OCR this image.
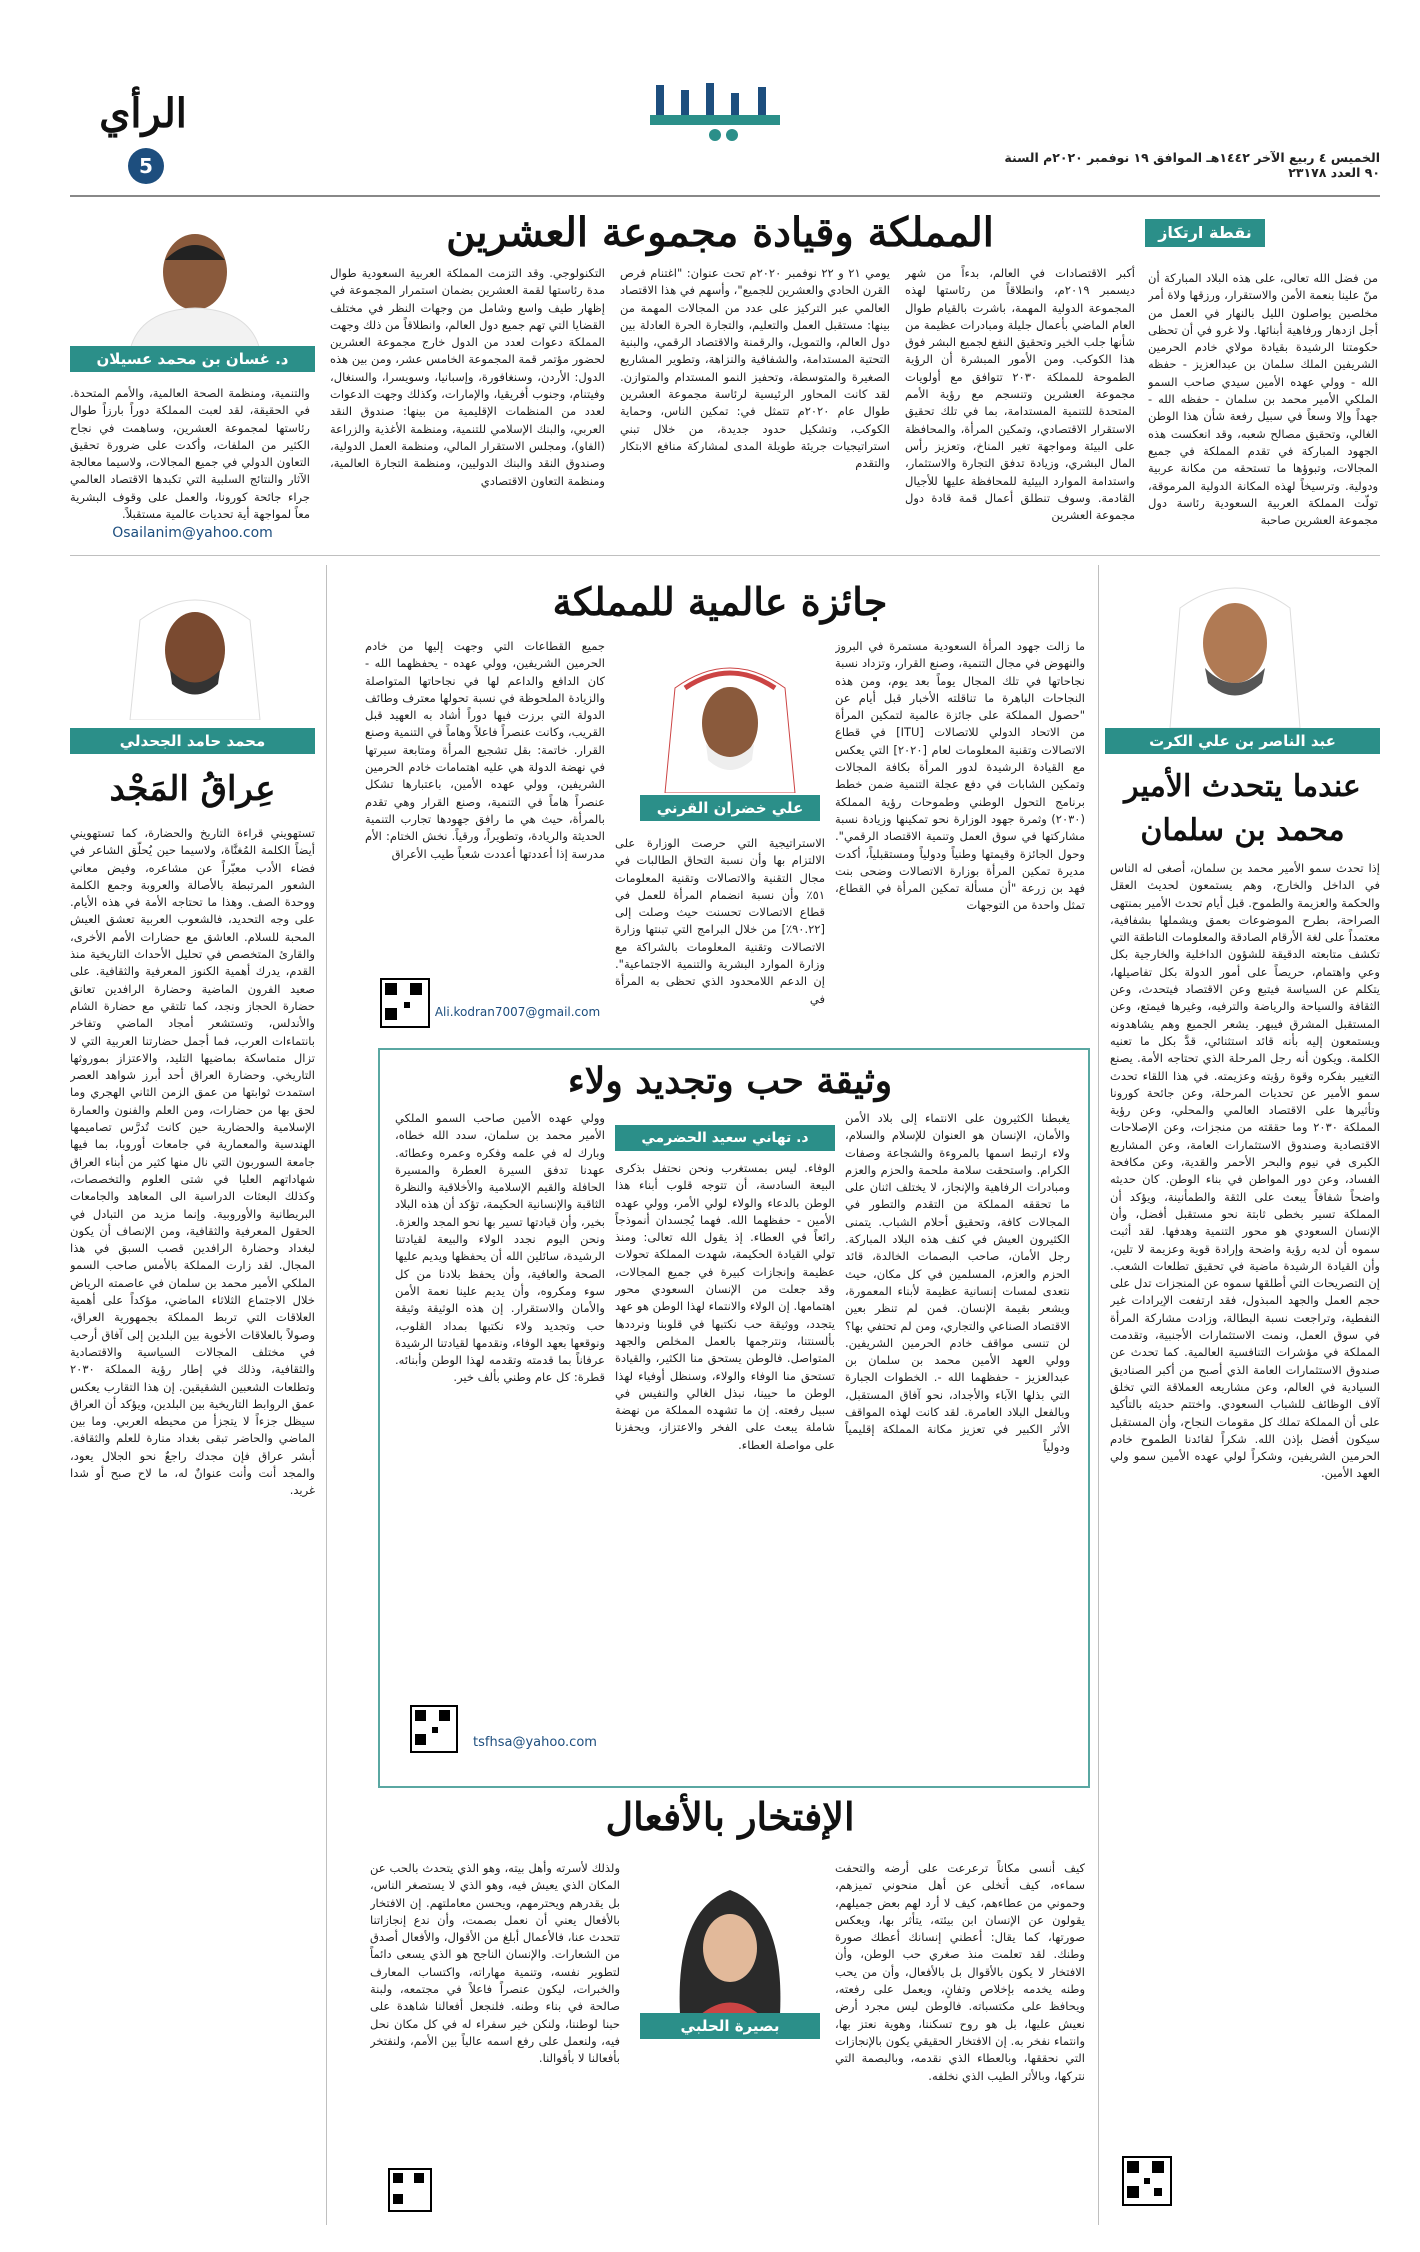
الرأي
5	الخميس ٤ ربيع الآخر ١٤٤٢هـ الموافق ١٩ نوفمبر ٢٠٢٠م السنة ٩٠ العدد ٢٣١٧٨
نقطة ارتكاز
المملكة وقيادة مجموعة العشرين
من فضل الله تعالى، على هذه البلاد المباركة أن منّ علينا بنعمة الأمن والاستقرار، ورزقها ولاة أمر مخلصين يواصلون الليل بالنهار في العمل من أجل ازدهار ورفاهية أبنائها. ولا غرو في أن تحظى حكومتنا الرشيدة بقيادة مولاي خادم الحرمين الشريفين الملك سلمان بن عبدالعزيز - حفظه الله - وولي عهده الأمين سيدي صاحب السمو الملكي الأمير محمد بن سلمان - حفظه الله - جهداً وإلا وسعاً في سبيل رفعة شأن هذا الوطن الغالي، وتحقيق مصالح شعبه، وقد انعكست هذه الجهود المباركة في تقدم المملكة في جميع المجالات، وتبوؤها ما تستحقه من مكانة عربية ودولية. وترسيخاً لهذه المكانة الدولية المرموقة، تولّت المملكة العربية السعودية رئاسة دول مجموعة العشرين صاحبة
أكبر الاقتصادات في العالم، بدءاً من شهر ديسمبر ٢٠١٩م، وانطلاقاً من رئاستها لهذه المجموعة الدولية المهمة، باشرت بالقيام طوال العام الماضي بأعمال جليلة ومبادرات عظيمة من شأنها جلب الخير وتحقيق النفع لجميع البشر فوق هذا الكوكب. ومن الأمور المبشرة أن الرؤية الطموحة للمملكة ٢٠٣٠ تتوافق مع أولويات مجموعة العشرين وتنسجم مع رؤية الأمم المتحدة للتنمية المستدامة، بما في تلك تحقيق الاستقرار الاقتصادي، وتمكين المرأة، والمحافظة على البيئة ومواجهة تغير المناخ، وتعزيز رأس المال البشري، وزيادة تدفق التجارة والاستثمار، واستدامة الموارد البيئية للمحافظة عليها للأجيال القادمة. وسوف تنطلق أعمال قمة قادة دول مجموعة العشرين
يومي ٢١ و ٢٢ نوفمبر ٢٠٢٠م تحت عنوان: "اغتنام فرص القرن الحادي والعشرين للجميع"، وأسهم في هذا الاقتصاد العالمي عبر التركيز على عدد من المجالات المهمة من بينها: مستقبل العمل والتعليم، والتجارة الحرة العادلة بين دول العالم، والتمويل، والرقمنة والاقتصاد الرقمي، والبنية التحتية المستدامة، والشفافية والنزاهة، وتطوير المشاريع الصغيرة والمتوسطة، وتحفيز النمو المستدام والمتوازن. لقد كانت المحاور الرئيسية لرئاسة مجموعة العشرين طوال عام ٢٠٢٠م تتمثل في: تمكين الناس، وحماية الكوكب، وتشكيل حدود جديدة، من خلال تبني استراتيجيات جريئة طويلة المدى لمشاركة منافع الابتكار والتقدم
التكنولوجي. وقد التزمت المملكة العربية السعودية طوال مدة رئاستها لقمة العشرين بضمان استمرار المجموعة في إظهار طيف واسع وشامل من وجهات النظر في مختلف القضايا التي تهم جميع دول العالم، وانطلاقاً من ذلك وجهت المملكة دعوات لعدد من الدول خارج مجموعة العشرين لحضور مؤتمر قمة المجموعة الخامس عشر، ومن بين هذه الدول: الأردن، وسنغافورة، وإسبانيا، وسويسرا، والسنغال، وفيتنام، وجنوب أفريقيا، والإمارات، وكذلك وجهت الدعوات لعدد من المنظمات الإقليمية من بينها: صندوق النقد العربي، والبنك الإسلامي للتنمية، ومنظمة الأغذية والزراعة (الفاو)، ومجلس الاستقرار المالي، ومنظمة العمل الدولية، وصندوق النقد والبنك الدوليين، ومنظمة التجارة العالمية، ومنظمة التعاون الاقتصادي
والتنمية، ومنظمة الصحة العالمية، والأمم المتحدة. في الحقيقة، لقد لعبت المملكة دوراً بارزاً طوال رئاستها لمجموعة العشرين، وساهمت في نجاح الكثير من الملفات، وأكدت على ضرورة تحقيق التعاون الدولي في جميع المجالات، ولاسيما معالجة الآثار والنتائج السلبية التي تكبدها الاقتصاد العالمي جراء جائحة كورونا، والعمل على وقوف البشرية معاً لمواجهة أية تحديات عالمية مستقبلاً.
د. غسان بن محمد عسيلان
Osailanim@yahoo.com
عبد الناصر بن علي الكرت
عندما يتحدث الأمير محمد بن سلمان
إذا تحدث سمو الأمير محمد بن سلمان، أصغى له الناس في الداخل والخارج، وهم يستمعون لحديث العقل والحكمة والعزيمة والطموح. قبل أيام تحدث الأمير بمنتهى الصراحة، بطرح الموضوعات بعمق ويشملها بشفافية، معتمداً على لغة الأرقام الصادقة والمعلومات الناطقة التي تكشف متابعته الدقيقة للشؤون الداخلية والخارجية بكل وعي واهتمام، حريصاً على أمور الدولة بكل تفاصيلها، يتكلم عن السياسة فيتبع وعن الاقتصاد فيتحدث، وعن الثقافة والسياحة والرياضة والترفيه، وغيرها فيمتع، وعن المستقبل المشرق فيبهر. يشعر الجميع وهم يشاهدونه ويستمعون إليه بأنه قائد استثنائي، قدَّ بكل ما تعنيه الكلمة. ويكون أنه رجل المرحلة الذي تحتاجه الأمة. يصنع التغيير بفكره وقوة رؤيته وعزيمته. في هذا اللقاء تحدث سمو الأمير عن تحديات المرحلة، وعن جائحة كورونا وتأثيرها على الاقتصاد العالمي والمحلي، وعن رؤية المملكة ٢٠٣٠ وما حققته من منجزات، وعن الإصلاحات الاقتصادية وصندوق الاستثمارات العامة، وعن المشاريع الكبرى في نيوم والبحر الأحمر والقدية، وعن مكافحة الفساد، وعن دور المواطن في بناء الوطن. كان حديثه واضحاً شفافاً يبعث على الثقة والطمأنينة، ويؤكد أن المملكة تسير بخطى ثابتة نحو مستقبل أفضل، وأن الإنسان السعودي هو محور التنمية وهدفها. لقد أثبت سموه أن لديه رؤية واضحة وإرادة قوية وعزيمة لا تلين، وأن القيادة الرشيدة ماضية في تحقيق تطلعات الشعب. إن التصريحات التي أطلقها سموه عن المنجزات تدل على حجم العمل والجهد المبذول، فقد ارتفعت الإيرادات غير النفطية، وتراجعت نسبة البطالة، وزادت مشاركة المرأة في سوق العمل، ونمت الاستثمارات الأجنبية، وتقدمت المملكة في مؤشرات التنافسية العالمية. كما تحدث عن صندوق الاستثمارات العامة الذي أصبح من أكبر الصناديق السيادية في العالم، وعن مشاريعه العملاقة التي تخلق آلاف الوظائف للشباب السعودي. واختتم حديثه بالتأكيد على أن المملكة تملك كل مقومات النجاح، وأن المستقبل سيكون أفضل بإذن الله. شكراً لقائدنا الطموح خادم الحرمين الشريفين، وشكراً لولي عهده الأمين سمو ولي العهد الأمين.
محمد حامد الجحدلي
عِراقُ المَجْد
تستهويني قراءة التاريخ والحضارة، كما تستهويني أيضاً الكلمة المُغنَّاة، ولاسيما حين يُحلّق الشاعر في فضاء الأدب معبّراً عن مشاعره، وفيض معاني الشعور المرتبطة بالأصالة والعروبة وجمع الكلمة ووحدة الصف. وهذا ما تحتاجه الأمة في هذه الأيام. على وجه التحديد، فالشعوب العربية تعشق العيش المحبة للسلام. العاشق مع حضارات الأمم الأخرى، والقارئ المتخصص في تحليل الأحداث التاريخية منذ القدم، يدرك أهمية الكنوز المعرفية والثقافية. على صعيد الفرون الماضية وحضارة الرافدين تعانق حضارة الحجاز ونجد، كما تلتقي مع حضارة الشام والأندلس، وتستشعر أمجاد الماضي وتفاخر بانتماءات العرب، فما أجمل حضارتنا العربية التي لا تزال متماسكة بماضيها التليد، والاعتزاز بموروثها التاريخي. وحضارة العراق أحد أبرز شواهد العصر استمدت ثوابتها من عمق الزمن الثاني الهجري وما لحق بها من حضارات، ومن العلم والفنون والعمارة الإسلامية والحضارية حين كانت تُدرَّس تصاميمها الهندسية والمعمارية في جامعات أوروبا، بما فيها جامعة السوربون التي نال منها كثير من أبناء العراق شهاداتهم العليا في شتى العلوم والتخصصات، وكذلك البعثات الدراسية الى المعاهد والجامعات البريطانية والأوروبية. وإنما مزيد من التبادل في الحقول المعرفية والثقافية، ومن الإنصاف أن يكون لبغداد وحضارة الرافدين قصب السبق في هذا المجال. لقد زارت المملكة بالأمس صاحب السمو الملكي الأمير محمد بن سلمان في عاصمته الرياض خلال الاجتماع الثلاثاء الماضي، مؤكداً على أهمية العلاقات التي تربط المملكة بجمهورية العراق، وصولاً بالعلاقات الأخوية بين البلدين إلى آفاق أرحب في مختلف المجالات السياسية والاقتصادية والثقافية، وذلك في إطار رؤية المملكة ٢٠٣٠ وتطلعات الشعبين الشقيقين. إن هذا التقارب يعكس عمق الروابط التاريخية بين البلدين، ويؤكد أن العراق سيظل جزءاً لا يتجزأ من محيطه العربي. وما بين الماضي والحاضر تبقى بغداد منارة للعلم والثقافة. أبشر عراق فإن مجدك راجعٌ نحو الجلال يعود، والمجد أنت وأنت عنوانٌ له، ما لاح صبح أو شدا غريد.
جائزة عالمية للمملكة
ما زالت جهود المرأة السعودية مستمرة في البروز والنهوض في مجال التنمية، وصنع القرار، وتزداد نسبة نجاحاتها في تلك المجال يوماً بعد يوم، ومن هذه النجاحات الباهرة ما تناقلته الأخبار قبل أيام عن "حصول المملكة على جائزة عالمية لتمكين المرأة من الاتحاد الدولي للاتصالات [ITU] في قطاع الاتصالات وتقنية المعلومات لعام [٢٠٢٠] التي يعكس مع القيادة الرشيدة لدور المرأة بكافة المجالات وتمكين الشابات في دفع عجلة التنمية ضمن خطط برنامج التحول الوطني وطموحات رؤية المملكة (٢٠٣٠) وثمرة جهود الوزارة نحو تمكينها وزيادة نسبة مشاركتها في سوق العمل وتنمية الاقتصاد الرقمي". وحول الجائزة وقيمتها وطنياً ودولياً ومستقبلياً، أكدت مديرة تمكين المرأة بوزارة الاتصالات وضحى بنت فهد بن زرعة "أن مسألة تمكين المرأة في القطاع، تمثل واحدة من التوجهات
علي خضران القرني
الاستراتيجية التي حرصت الوزارة على الالتزام بها وأن نسبة التحاق الطالبات في مجال التقنية والاتصالات وتقنية المعلومات ٥١٪ وأن نسبة انضمام المرأة للعمل في قطاع الاتصالات تحسنت حيث وصلت إلى [٩٠.٢٢٪] من خلال البرامج التي تبنتها وزارة الاتصالات وتقنية المعلومات بالشراكة مع وزارة الموارد البشرية والتنمية الاجتماعية". إن الدعم اللامحدود الذي تحظى به المرأة في
جميع القطاعات التي وجهت إليها من خادم الحرمين الشريفين، وولي عهده - يحفظهما الله - كان الدافع والداعم لها في نجاحاتها المتواصلة والزيادة الملحوظة في نسبة تحولها معترف وطائف الدولة التي برزت فيها دوراً أشاد به العهيد قبل القريب، وكانت عنصراً فاعلاً وهاماً في التنمية وصنع القرار. خاتمة: بقل تشجيع المرأة ومتابعة سيرتها في نهضة الدولة هي عليه اهتمامات خادم الحرمين الشريفين، وولي عهده الأمين، باعتبارها تشكل عنصراً هاماً في التنمية، وصنع القرار وهي تقدم بالمرأة، حيث هي ما رافق جهودها تجارب التنمية الحديثة والريادة، وتطويراً، ورقياً. نخش الختام: الأم مدرسة إذا أعددتها أعددت شعباً طيب الأعراق
Ali.kodran7007@gmail.com
وثيقة حب وتجديد ولاء
يغبطنا الكثيرون على الانتماء إلى بلاد الأمن والأمان، الإنسان هو العنوان للإسلام والسلام، ولاء ارتبط اسمها بالمروءة والشجاعة وصفات الكرام. واستحقت سلامة ملحمة والحزم والعزم ومبادرات الرفاهية والإنجاز، لا يختلف اثنان على ما تحققه المملكة من التقدم والتطور في المجالات كافة، وتحقيق أحلام الشباب. يتمنى الكثيرون العيش في كنف هذه البلاد المباركة. رجل الأمان، صاحب البصمات الخالدة، قائد الحزم والعزم، المسلمين في كل مكان، حيث نتعدى لمسات إنسانية عظيمة لأبناء المعمورة، ويشعر بقيمة الإنسان. فمن لم تنظر بعين الاقتصاد الصناعي والتجاري، ومن لم تحتفي بها؟ لن تنسى مواقف خادم الحرمين الشريفين. وولي العهد الأمين محمد بن سلمان بن عبدالعزيز - حفظهما الله -. الخطوات الجبارة التي بذلها الآباء والأجداد، نحو آفاق المستقبل، وبالفعل البلاد العامرة. لقد كانت لهذه المواقف الأثر الكبير في تعزيز مكانة المملكة إقليمياً ودولياً
د. تهاني سعيد الحضرمي
الوفاء. ليس بمستغرب ونحن نحتفل بذكرى البيعة السادسة، أن تتوجه قلوب أبناء هذا الوطن بالدعاء والولاء لولي الأمر، وولي عهده الأمين - حفظهما الله. فهما يُجسدان أنموذجاً رائعاً في العطاء. إذ يقول الله تعالى: ومنذ تولي القيادة الحكيمة، شهدت المملكة تحولات عظيمة وإنجازات كبيرة في جميع المجالات، وقد جعلت من الإنسان السعودي محور اهتمامها. إن الولاء والانتماء لهذا الوطن هو عهد يتجدد، ووثيقة حب نكتبها في قلوبنا ونرددها بألسنتنا، ونترجمها بالعمل المخلص والجهد المتواصل. فالوطن يستحق منا الكثير، والقيادة تستحق منا الوفاء والولاء، وسنظل أوفياء لهذا الوطن ما حيينا، نبذل الغالي والنفيس في سبيل رفعته. إن ما تشهده المملكة من نهضة شاملة يبعث على الفخر والاعتزاز، ويحفزنا على مواصلة العطاء.
وولي عهده الأمين صاحب السمو الملكي الأمير محمد بن سلمان، سدد الله خطاه، وبارك له في علمه وفكره وعمره وعطائه. عهدنا تدفق السيرة العطرة والمسيرة الحافلة والقيم الإسلامية والأخلاقية والنظرة الثاقبة والإنسانية الحكيمة، تؤكد أن هذه البلاد بخير، وأن قيادتها تسير بها نحو المجد والعزة. ونحن اليوم نجدد الولاء والبيعة لقيادتنا الرشيدة، سائلين الله أن يحفظها ويديم عليها الصحة والعافية، وأن يحفظ بلادنا من كل سوء ومكروه، وأن يديم علينا نعمة الأمن والأمان والاستقرار. إن هذه الوثيقة وثيقة حب وتجديد ولاء نكتبها بمداد القلوب، ونوقعها بعهد الوفاء، ونقدمها لقيادتنا الرشيدة عرفاناً بما قدمته وتقدمه لهذا الوطن وأبنائه. قطرة: كل عام وطني بألف خير.
tsfhsa@yahoo.com
الإفتخار بالأفعال
كيف أنسى مكاناً ترعرعت على أرضه والتحفت سماءه، كيف أتخلى عن أهل منحوني تميزهم، وحموني من عطاءهم، كيف لا أرد لهم بعض جميلهم، يقولون عن الإنسان ابن بيئته، يتأثر بها، ويعكس صورتها، كما يقال: أعطني إنسانك أعطك صورة وطنك. لقد تعلمت منذ صغري حب الوطن، وأن الافتخار لا يكون بالأقوال بل بالأفعال، وأن من يحب وطنه يخدمه بإخلاص وتفانٍ، ويعمل على رفعته، ويحافظ على مكتسباته. فالوطن ليس مجرد أرض نعيش عليها، بل هو روح تسكننا، وهوية نعتز بها، وانتماء نفخر به. إن الافتخار الحقيقي يكون بالإنجازات التي نحققها، وبالعطاء الذي نقدمه، وبالبصمة التي نتركها، وبالأثر الطيب الذي نخلفه.
بصيرة الحلبي
ولذلك لأسرته وأهل بيته، وهو الذي يتحدث بالحب عن المكان الذي يعيش فيه، وهو الذي لا يستصغر الناس، بل يقدرهم ويحترمهم، ويحسن معاملتهم. إن الافتخار بالأفعال يعني أن نعمل بصمت، وأن ندع إنجازاتنا تتحدث عنا، فالأعمال أبلغ من الأقوال، والأفعال أصدق من الشعارات. والإنسان الناجح هو الذي يسعى دائماً لتطوير نفسه، وتنمية مهاراته، واكتساب المعارف والخبرات، ليكون عنصراً فاعلاً في مجتمعه، ولبنة صالحة في بناء وطنه. فلنجعل أفعالنا شاهدة على حبنا لوطننا، ولنكن خير سفراء له في كل مكان نحل فيه، ولنعمل على رفع اسمه عالياً بين الأمم، ولنفتخر بأفعالنا لا بأقوالنا.
